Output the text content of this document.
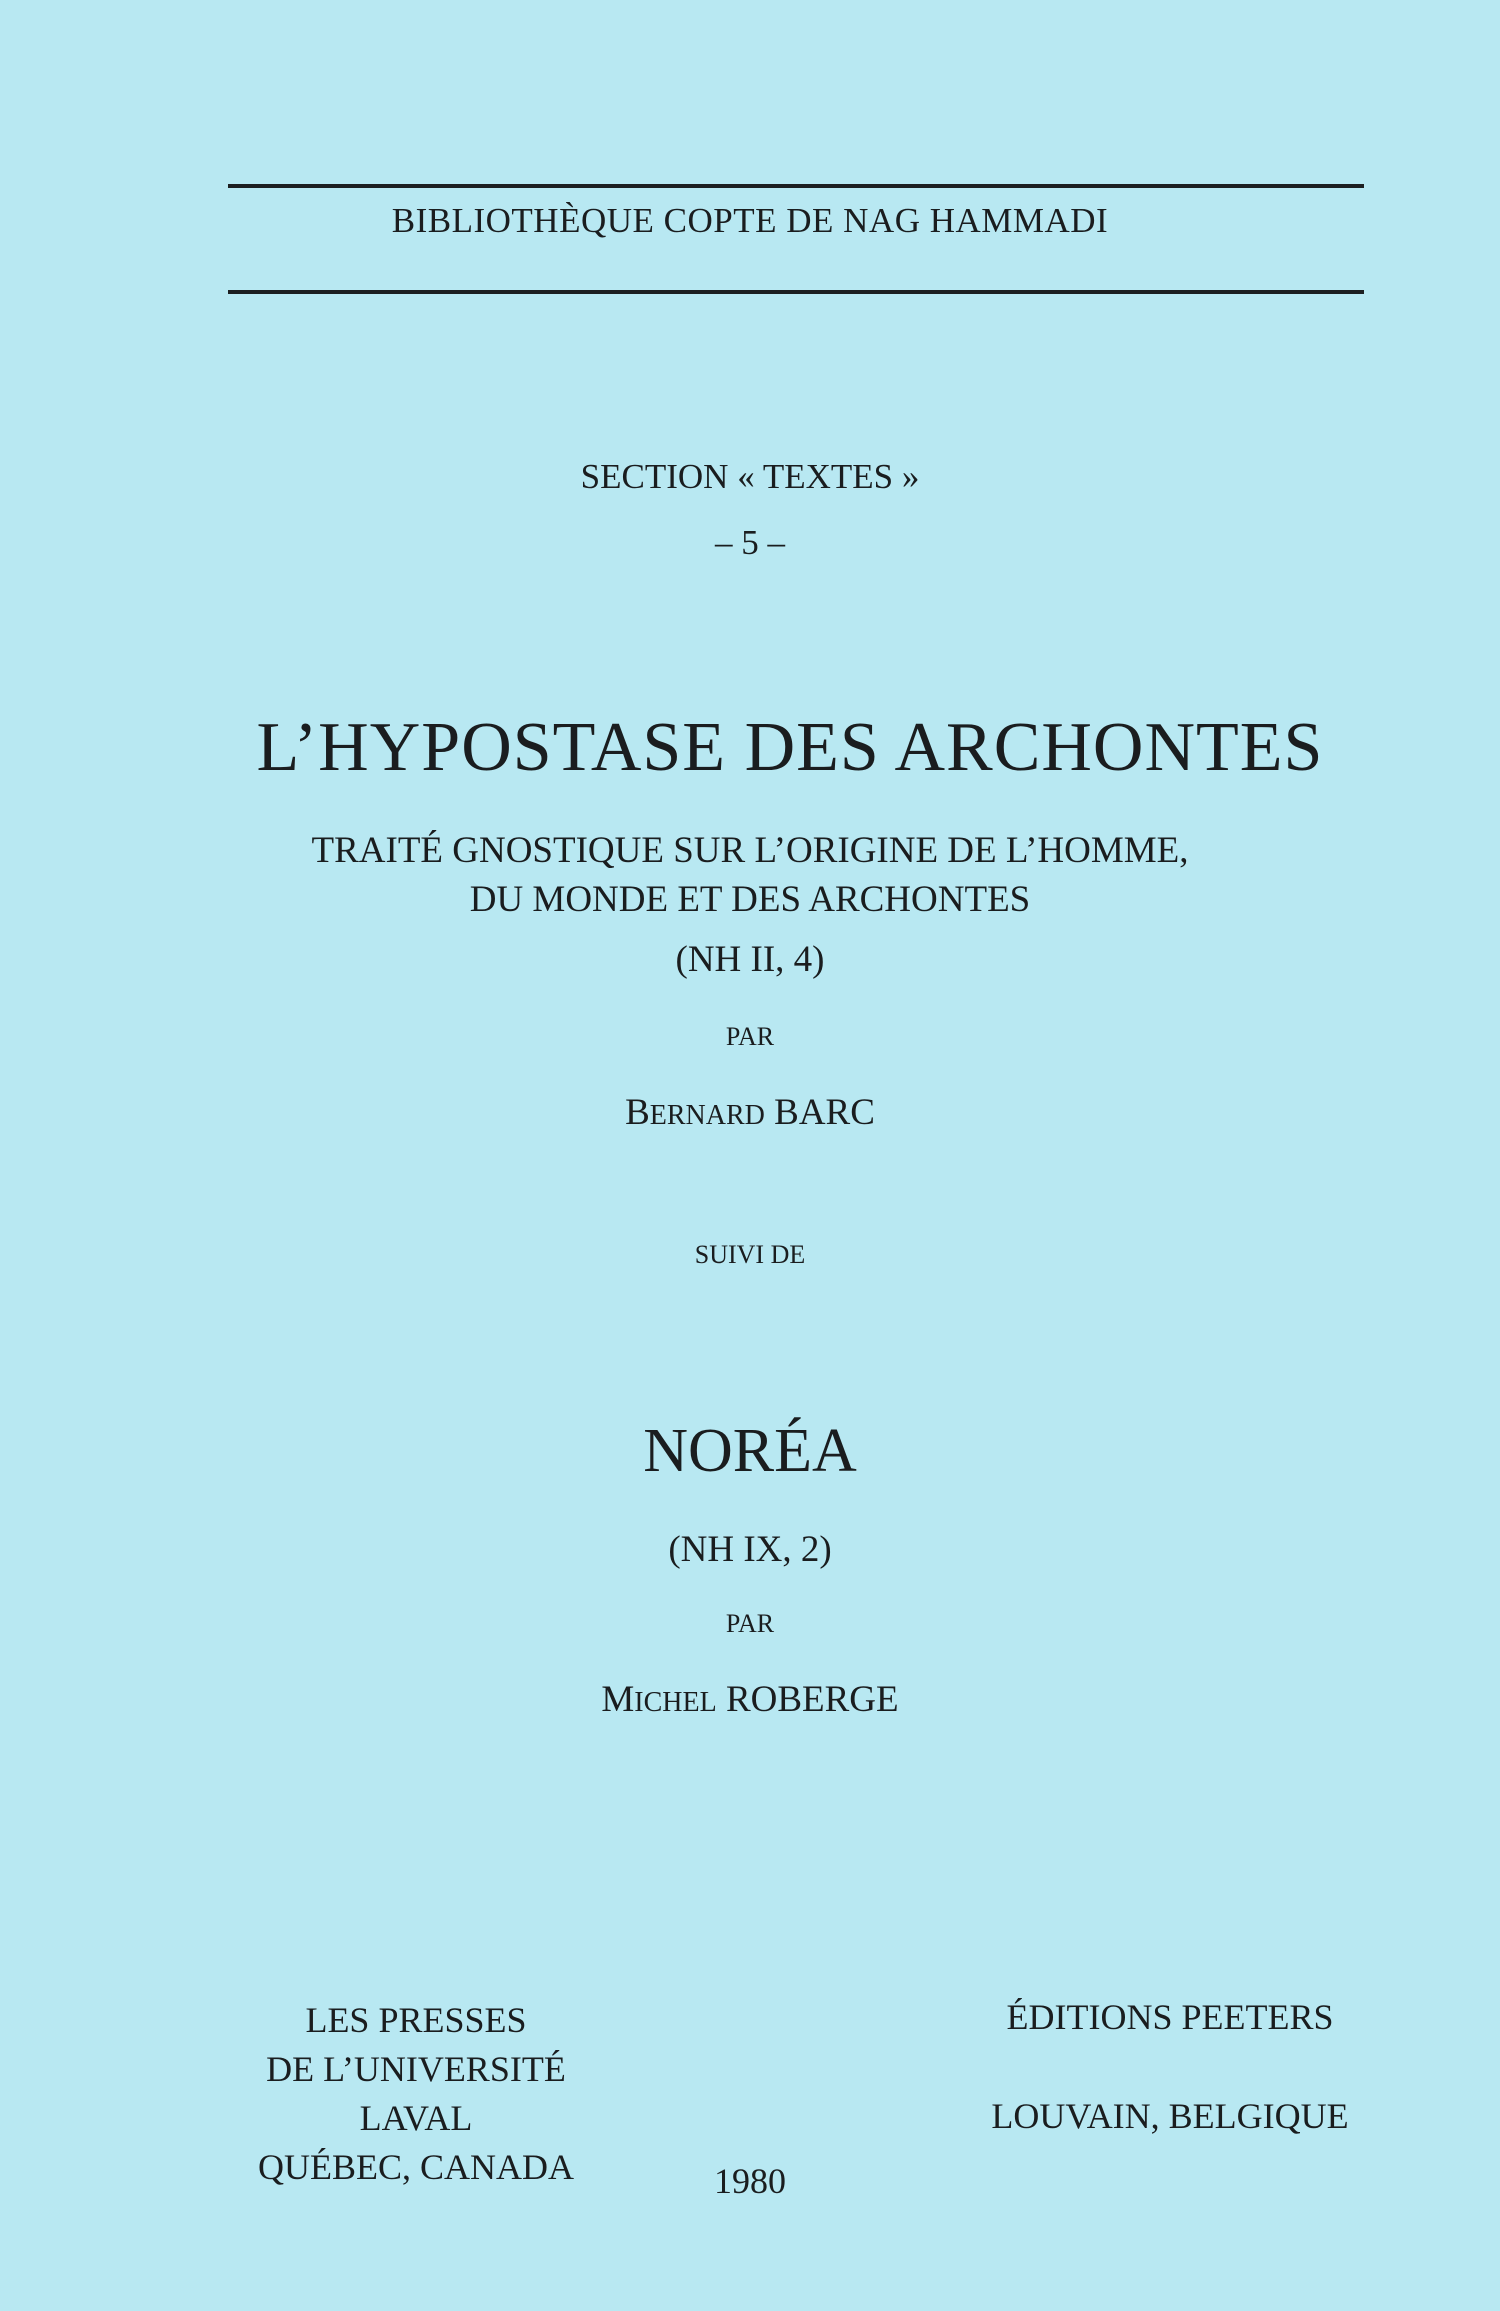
BIBLIOTHÈQUE COPTE DE NAG HAMMADI
SECTION « TEXTES »
– 5 –
L’HYPOSTASE DES ARCHONTES
TRAITÉ GNOSTIQUE SUR L’ORIGINE DE L’HOMME,
DU MONDE ET DES ARCHONTES
(NH II, 4)
PAR
BERNARD BARC
SUIVI DE
NORÉA
(NH IX, 2)
PAR
MICHEL ROBERGE
LES PRESSES
DE L’UNIVERSITÉ LAVAL
QUÉBEC, CANADA
ÉDITIONS PEETERS
LOUVAIN, BELGIQUE
1980
